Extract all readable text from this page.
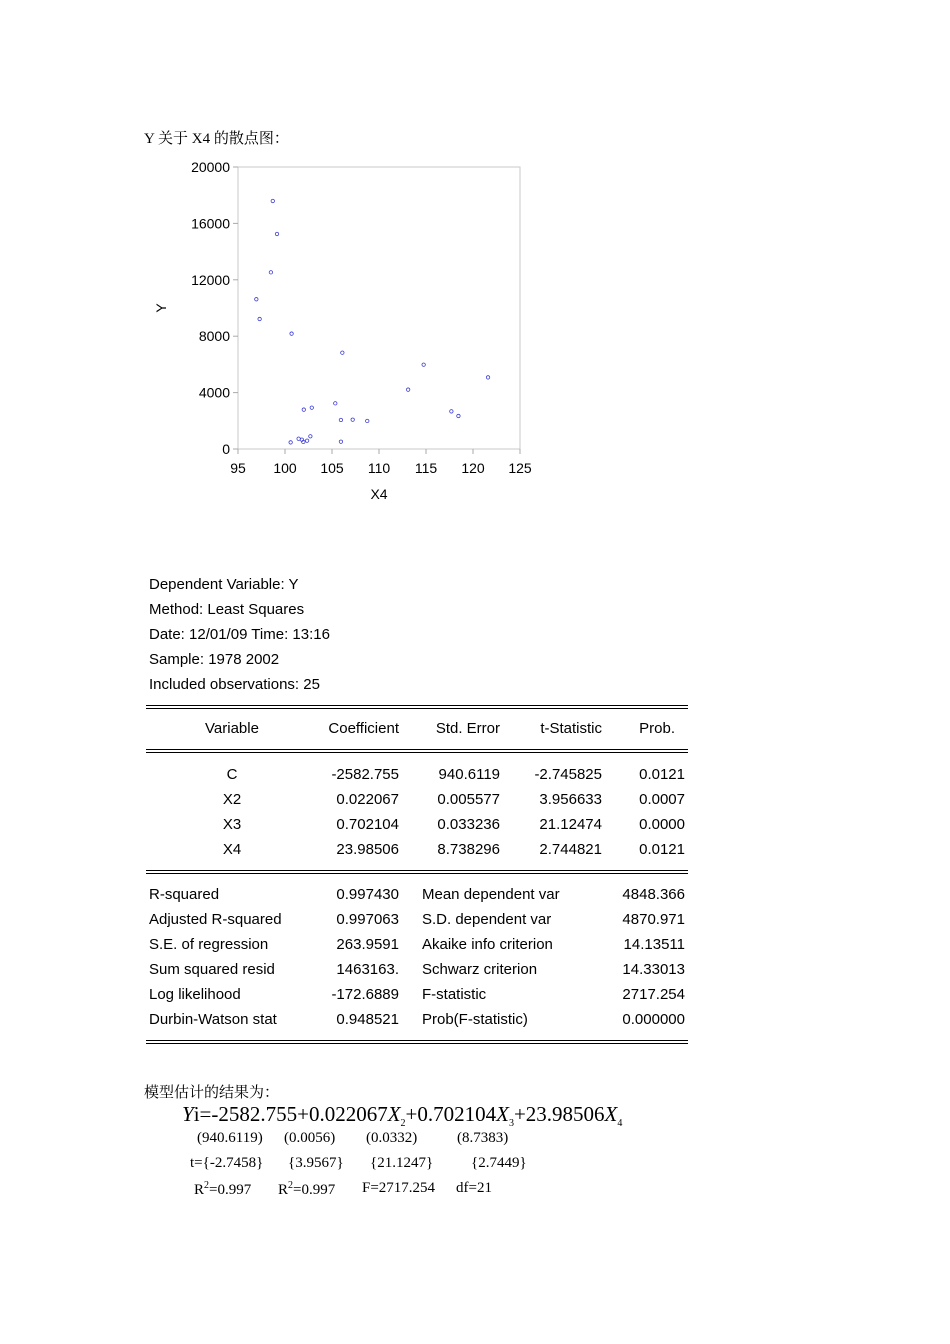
Y 关于 X4 的散点图：
95 100 105 110 115 120 125
0
4000
8000
12000
16000
20000
X4
Y
Dependent Variable: Y
Method: Least Squares
Date: 12/01/09 Time: 13:16
Sample: 1978 2002
Included observations: 25
Variable	Coefficient	Std. Error	t-Statistic	Prob.
C	-2582.755	940.6119	-2.745825	0.0121
X2	0.022067	0.005577	3.956633	0.0007
X3	0.702104	0.033236	21.12474	0.0000
X4	23.98506	8.738296	2.744821	0.0121
R-squared	0.997430 Mean dependent var	4848.366
Adjusted R-squared	0.997063 S.D. dependent var	4870.971
S.E. of regression	263.9591 Akaike info criterion	14.13511
Sum squared resid	1463163. Schwarz criterion	14.33013
Log likelihood	-172.6889 F-statistic	2717.254
Durbin-Watson stat	0.948521 Prob(F-statistic)	0.000000
模型估计的结果为：
$Yi=-2582.755+0.022067X_2+0.702104X_3+23.98506X_4$
(940.6119) (0.0056) (0.0332)	(8.7383)
t={-2.7458} {3.9567} {21.1247}	{2.7449}
$R^2=0.997$ $R^2=0.997$ F=2717.254 df=21
